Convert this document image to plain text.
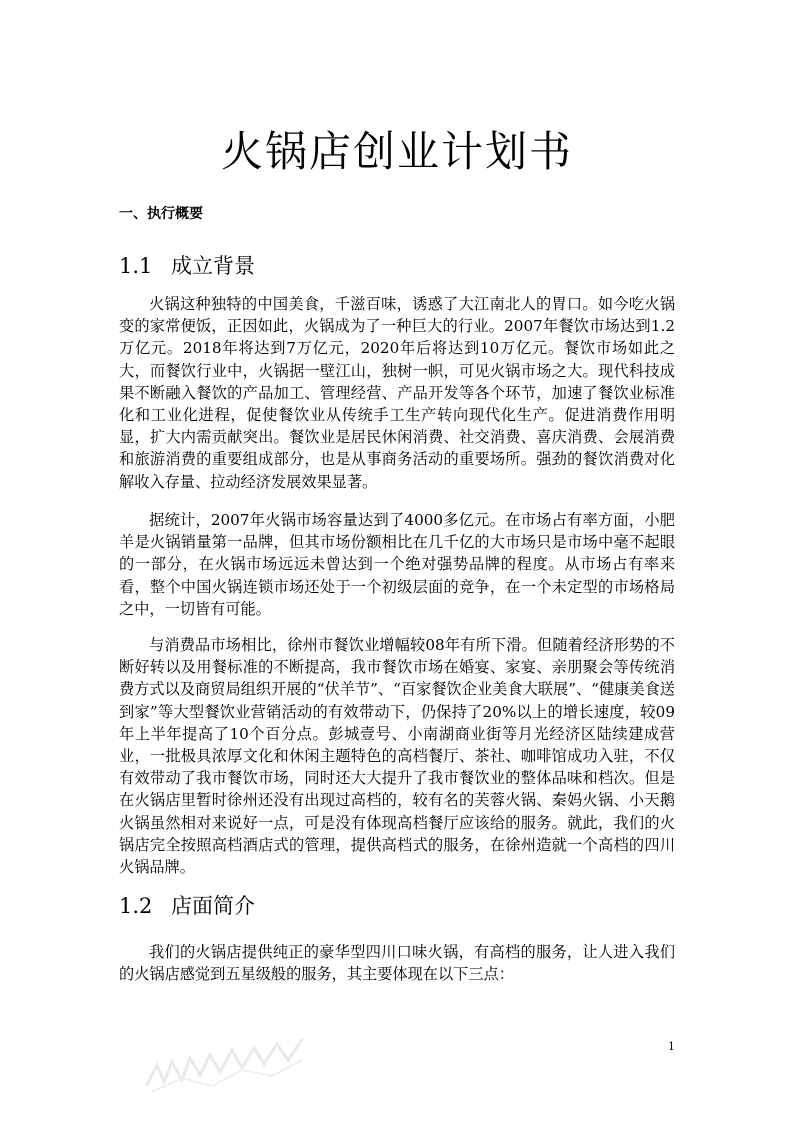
火锅店创业计划书
一、执行概要
1.1 成立背景
火锅这种独特的中国美食，千滋百味，诱惑了大江南北人的胃口。如今吃火锅变的家常便饭，正因如此，火锅成为了一种巨大的行业。2007年餐饮市场达到1.2万亿元。2018年将达到7万亿元，2020年后将达到10万亿元。餐饮市场如此之大，而餐饮行业中，火锅据一壁江山，独树一帜，可见火锅市场之大。现代科技成果不断融入餐饮的产品加工、管理经营、产品开发等各个环节，加速了餐饮业标准化和工业化进程，促使餐饮业从传统手工生产转向现代化生产。促进消费作用明显，扩大内需贡献突出。餐饮业是居民休闲消费、社交消费、喜庆消费、会展消费和旅游消费的重要组成部分，也是从事商务活动的重要场所。强劲的餐饮消费对化解收入存量、拉动经济发展效果显著。
据统计，2007年火锅市场容量达到了4000多亿元。在市场占有率方面，小肥羊是火锅销量第一品牌，但其市场份额相比在几千亿的大市场只是市场中毫不起眼的一部分，在火锅市场远远未曾达到一个绝对强势品牌的程度。从市场占有率来看，整个中国火锅连锁市场还处于一个初级层面的竞争，在一个未定型的市场格局之中，一切皆有可能。
与消费品市场相比，徐州市餐饮业增幅较08年有所下滑。但随着经济形势的不断好转以及用餐标准的不断提高，我市餐饮市场在婚宴、家宴、亲朋聚会等传统消费方式以及商贸局组织开展的“伏羊节”、“百家餐饮企业美食大联展”、“健康美食送到家”等大型餐饮业营销活动的有效带动下，仍保持了20%以上的增长速度，较09年上半年提高了10个百分点。彭城壹号、小南湖商业街等月光经济区陆续建成营业，一批极具浓厚文化和休闲主题特色的高档餐厅、茶社、咖啡馆成功入驻，不仅有效带动了我市餐饮市场，同时还大大提升了我市餐饮业的整体品味和档次。但是在火锅店里暂时徐州还没有出现过高档的，较有名的芙蓉火锅、秦妈火锅、小天鹅火锅虽然相对来说好一点，可是没有体现高档餐厅应该给的服务。就此，我们的火锅店完全按照高档酒店式的管理，提供高档式的服务，在徐州造就一个高档的四川火锅品牌。
1.2 店面简介
我们的火锅店提供纯正的豪华型四川口味火锅，有高档的服务，让人进入我们的火锅店感觉到五星级般的服务，其主要体现在以下三点：
1
